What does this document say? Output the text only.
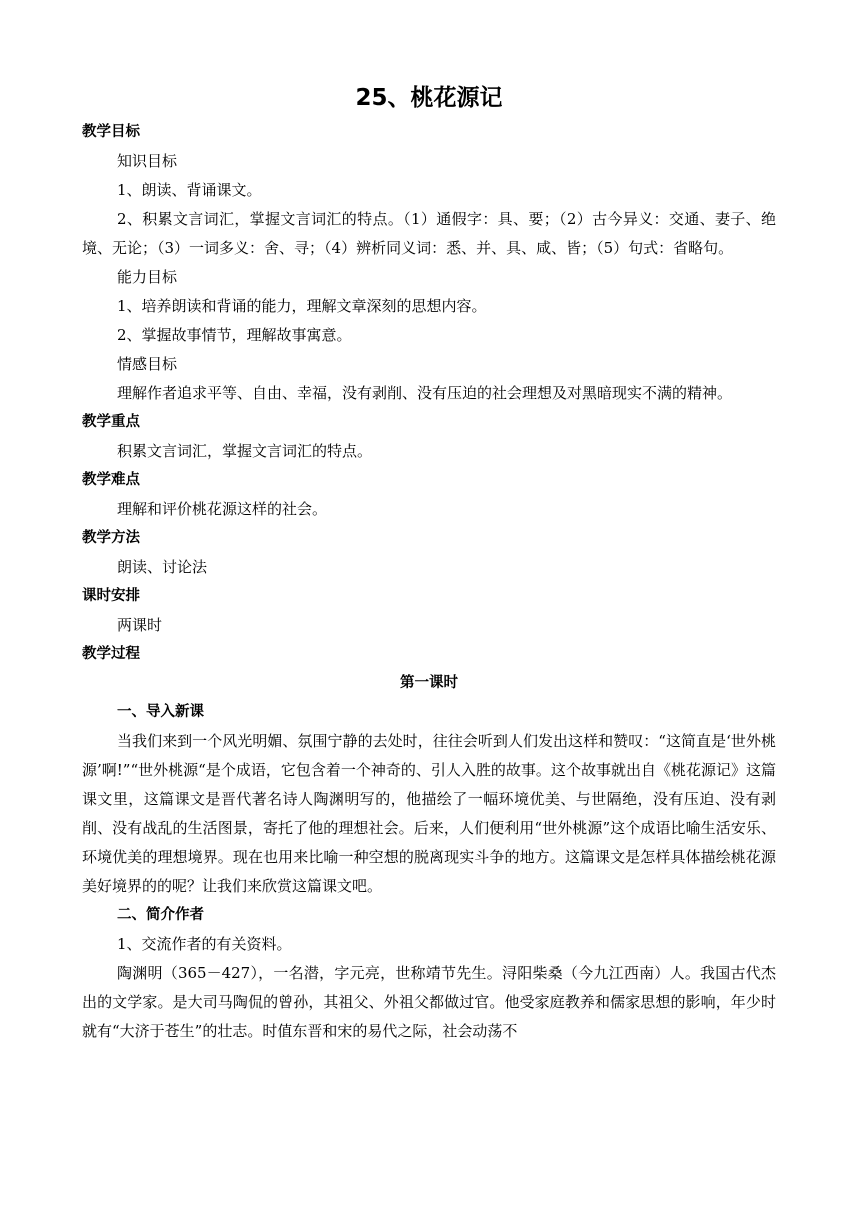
25、桃花源记

教学目标

知识目标

1、朗读、背诵课文。

2、积累文言词汇，掌握文言词汇的特点。（1）通假字：具、要；（2）古今异义：交通、妻子、绝境、无论；（3）一词多义：舍、寻；（4）辨析同义词：悉、并、具、咸、皆；（5）句式：省略句。

能力目标

1、培养朗读和背诵的能力，理解文章深刻的思想内容。

2、掌握故事情节，理解故事寓意。

情感目标

理解作者追求平等、自由、幸福，没有剥削、没有压迫的社会理想及对黑暗现实不满的精神。

教学重点

积累文言词汇，掌握文言词汇的特点。

教学难点

理解和评价桃花源这样的社会。

教学方法

朗读、讨论法

课时安排

两课时

教学过程

第一课时

一、导入新课

当我们来到一个风光明媚、氛围宁静的去处时，往往会听到人们发出这样和赞叹：“这简直是‘世外桃源’啊!”“世外桃源“是个成语，它包含着一个神奇的、引人入胜的故事。这个故事就出自《桃花源记》这篇课文里，这篇课文是晋代著名诗人陶渊明写的，他描绘了一幅环境优美、与世隔绝，没有压迫、没有剥削、没有战乱的生活图景，寄托了他的理想社会。后来，人们便利用“世外桃源”这个成语比喻生活安乐、环境优美的理想境界。现在也用来比喻一种空想的脱离现实斗争的地方。这篇课文是怎样具体描绘桃花源美好境界的的呢？让我们来欣赏这篇课文吧。

二、简介作者

1、交流作者的有关资料。

陶渊明（365－427），一名潜，字元亮，世称靖节先生。浔阳柴桑（今九江西南）人。我国古代杰出的文学家。是大司马陶侃的曾孙，其祖父、外祖父都做过官。他受家庭教养和儒家思想的影响，年少时就有“大济于苍生”的壮志。时值东晋和宋的易代之际，社会动荡不
